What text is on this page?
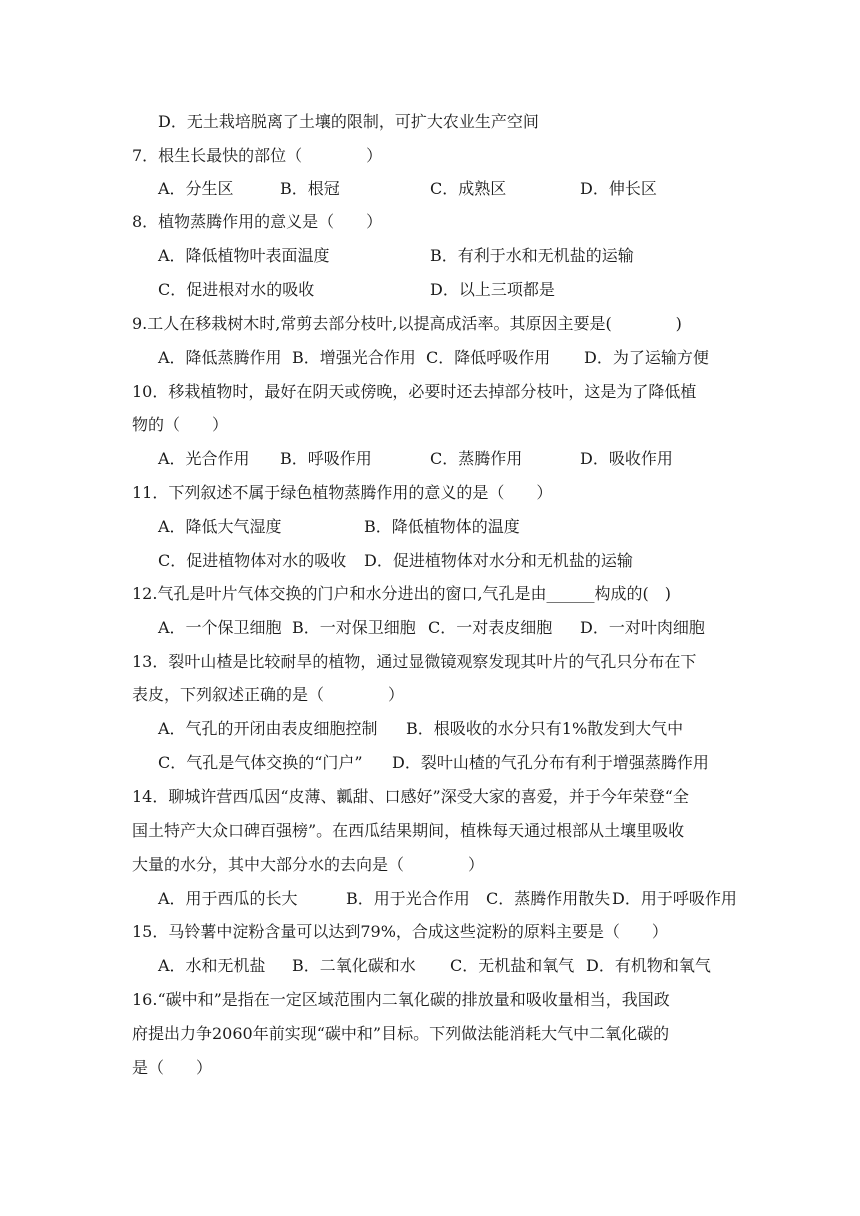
D．无土栽培脱离了土壤的限制，可扩大农业生产空间
7．根生长最快的部位（　　　　）

A．分生区

	B．根冠

	C．成熟区

	D．伸长区

8．植物蒸腾作用的意义是（　　）

A．降低植物叶表面温度

	B．有利于水和无机盐的运输

C．促进根对水的吸收

	D．以上三项都是

9.工人在移栽树木时,常剪去部分枝叶,以提高成活率。其原因主要是(　　　　)

A．降低蒸腾作用

B．增强光合作用

C．降低呼吸作用

D．为了运输方便

10．移栽植物时，最好在阴天或傍晚，必要时还去掉部分枝叶，这是为了降低植
物的（　　）

A．光合作用

B．呼吸作用

	C．蒸腾作用

	D．吸收作用

11．下列叙述不属于绿色植物蒸腾作用的意义的是（　　）

A．降低大气湿度

	B．降低植物体的温度

C．促进植物体对水的吸收

D．促进植物体对水分和无机盐的运输

12.气孔是叶片气体交换的门户和水分进出的窗口,气孔是由______构成的(　)

A．一个保卫细胞

B．一对保卫细胞

C．一对表皮细胞

D．一对叶肉细胞

13．裂叶山楂是比较耐旱的植物，通过显微镜观察发现其叶片的气孔只分布在下
表皮，下列叙述正确的是（　　　　）

A．气孔的开闭由表皮细胞控制

B．根吸收的水分只有1%散发到大气中

C．气孔是气体交换的“门户”

D．裂叶山楂的气孔分布有利于增强蒸腾作用

14．聊城许营西瓜因“皮薄、瓤甜、口感好”深受大家的喜爱，并于今年荣登“全
国土特产大众口碑百强榜”。在西瓜结果期间，植株每天通过根部从土壤里吸收
大量的水分，其中大部分水的去向是（　　　　）

A．用于西瓜的长大

	B．用于光合作用

C．蒸腾作用散失

D．用于呼吸作用

15．马铃薯中淀粉含量可以达到79%，合成这些淀粉的原料主要是（　　）

A．水和无机盐

B．二氧化碳和水

C．无机盐和氧气

D．有机物和氧气

16.“碳中和”是指在一定区域范围内二氧化碳的排放量和吸收量相当，我国政
府提出力争2060年前实现“碳中和”目标。下列做法能消耗大气中二氧化碳的
是（　　）
